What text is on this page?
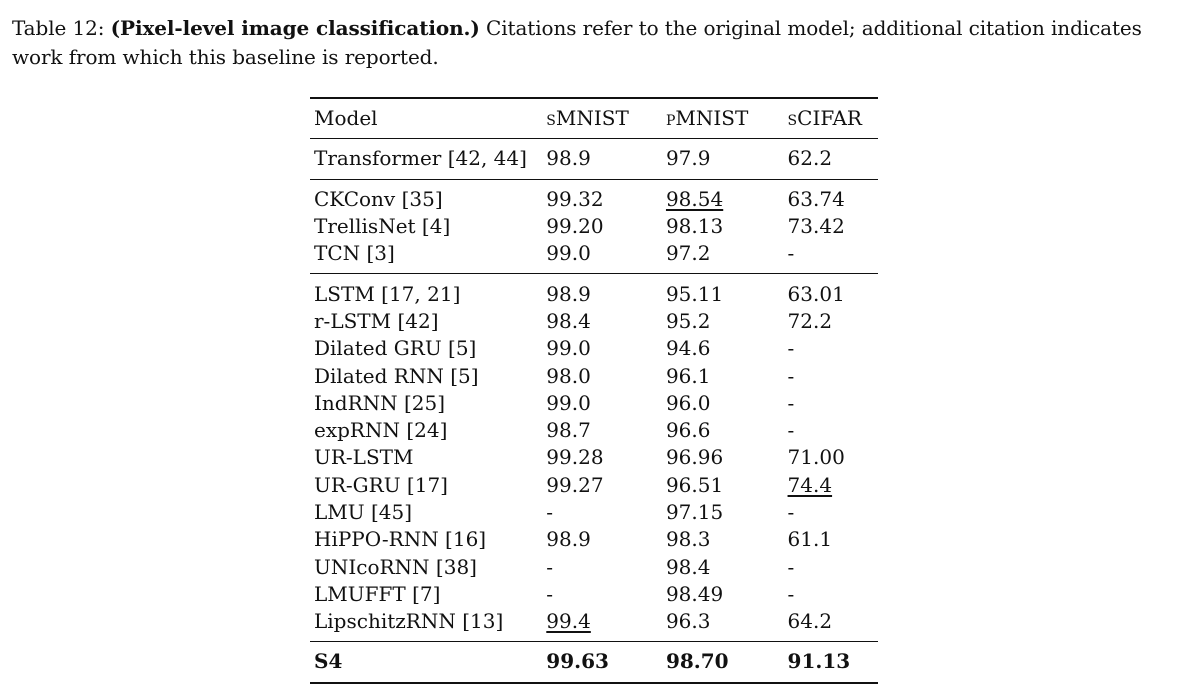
Table 12: (Pixel-level image classification.) Citations refer to the original model; additional citation indicates
work from which this baseline is reported.
Model	sMNIST	pMNIST	sCIFAR
Transformer [42, 44]	98.9	97.9	62.2
CKConv [35]	99.32	98.54	63.74
TrellisNet [4]	99.20	98.13	73.42
TCN [3]	99.0	97.2	-
LSTM [17, 21]	98.9	95.11	63.01
r-LSTM [42]	98.4	95.2	72.2
Dilated GRU [5]	99.0	94.6	-
Dilated RNN [5]	98.0	96.1	-
IndRNN [25]	99.0	96.0	-
expRNN [24]	98.7	96.6	-
UR-LSTM	99.28	96.96	71.00
UR-GRU [17]	99.27	96.51	74.4
LMU [45]	-	97.15	-
HiPPO-RNN [16]	98.9	98.3	61.1
UNIcoRNN [38]	-	98.4	-
LMUFFT [7]	-	98.49	-
LipschitzRNN [13]	99.4	96.3	64.2
S4	99.63	98.70	91.13
